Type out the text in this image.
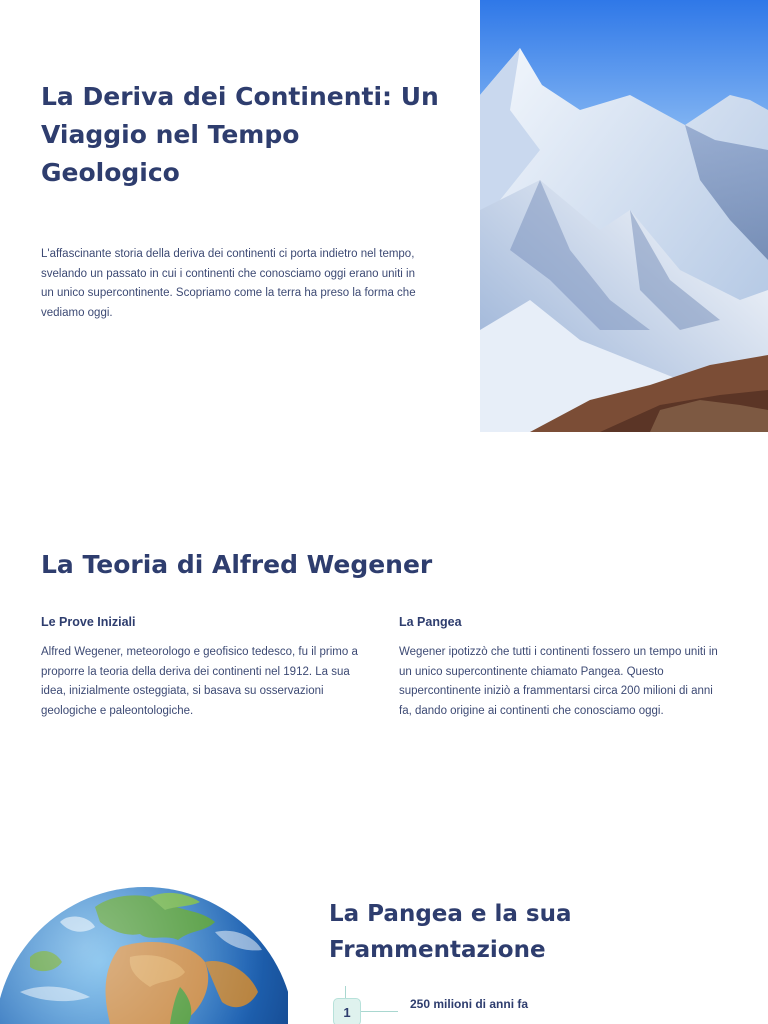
La Deriva dei Continenti: Un Viaggio nel Tempo Geologico

L'affascinante storia della deriva dei continenti ci porta indietro nel tempo, svelando un passato in cui i continenti che conosciamo oggi erano uniti in un unico supercontinente. Scopriamo come la terra ha preso la forma che vediamo oggi.

La Teoria di Alfred Wegener
Le Prove Iniziali

Alfred Wegener, meteorologo e geofisico tedesco, fu il primo a proporre la teoria della deriva dei continenti nel 1912. La sua idea, inizialmente osteggiata, si basava su osservazioni geologiche e paleontologiche.

La Pangea

Wegener ipotizzò che tutti i continenti fossero un tempo uniti in un unico supercontinente chiamato Pangea. Questo supercontinente iniziò a frammentarsi circa 200 milioni di anni fa, dando origine ai continenti che conosciamo oggi.

La Pangea e la sua Frammentazione
1
250 milioni di anni fa
